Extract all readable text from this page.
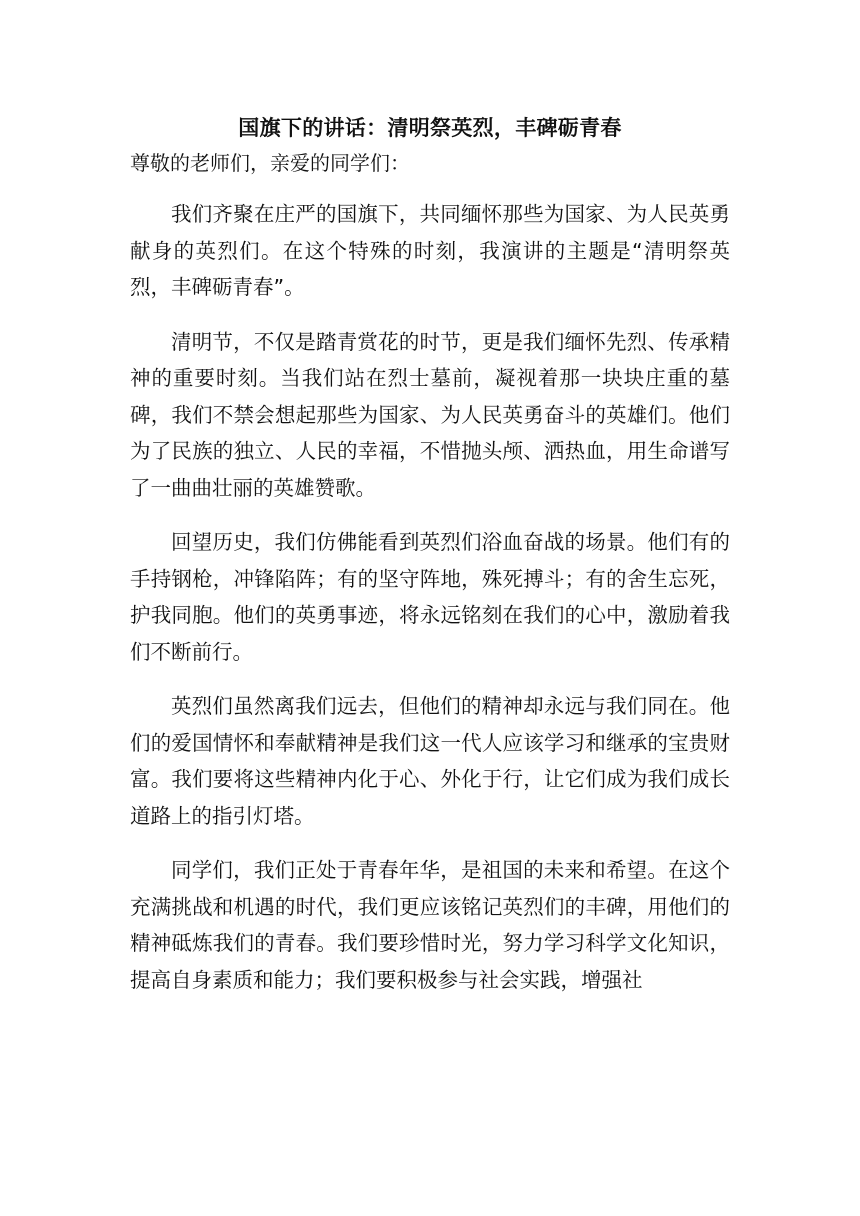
国旗下的讲话：清明祭英烈，丰碑砺青春

尊敬的老师们，亲爱的同学们：

我们齐聚在庄严的国旗下，共同缅怀那些为国家、为人民英勇献身的英烈们。在这个特殊的时刻，我演讲的主题是“清明祭英烈，丰碑砺青春”。

清明节，不仅是踏青赏花的时节，更是我们缅怀先烈、传承精神的重要时刻。当我们站在烈士墓前，凝视着那一块块庄重的墓碑，我们不禁会想起那些为国家、为人民英勇奋斗的英雄们。他们为了民族的独立、人民的幸福，不惜抛头颅、洒热血，用生命谱写了一曲曲壮丽的英雄赞歌。

回望历史，我们仿佛能看到英烈们浴血奋战的场景。他们有的手持钢枪，冲锋陷阵；有的坚守阵地，殊死搏斗；有的舍生忘死，护我同胞。他们的英勇事迹，将永远铭刻在我们的心中，激励着我们不断前行。

英烈们虽然离我们远去，但他们的精神却永远与我们同在。他们的爱国情怀和奉献精神是我们这一代人应该学习和继承的宝贵财富。我们要将这些精神内化于心、外化于行，让它们成为我们成长道路上的指引灯塔。

同学们，我们正处于青春年华，是祖国的未来和希望。在这个充满挑战和机遇的时代，我们更应该铭记英烈们的丰碑，用他们的精神砥炼我们的青春。我们要珍惜时光，努力学习科学文化知识，提高自身素质和能力；我们要积极参与社会实践，增强社
